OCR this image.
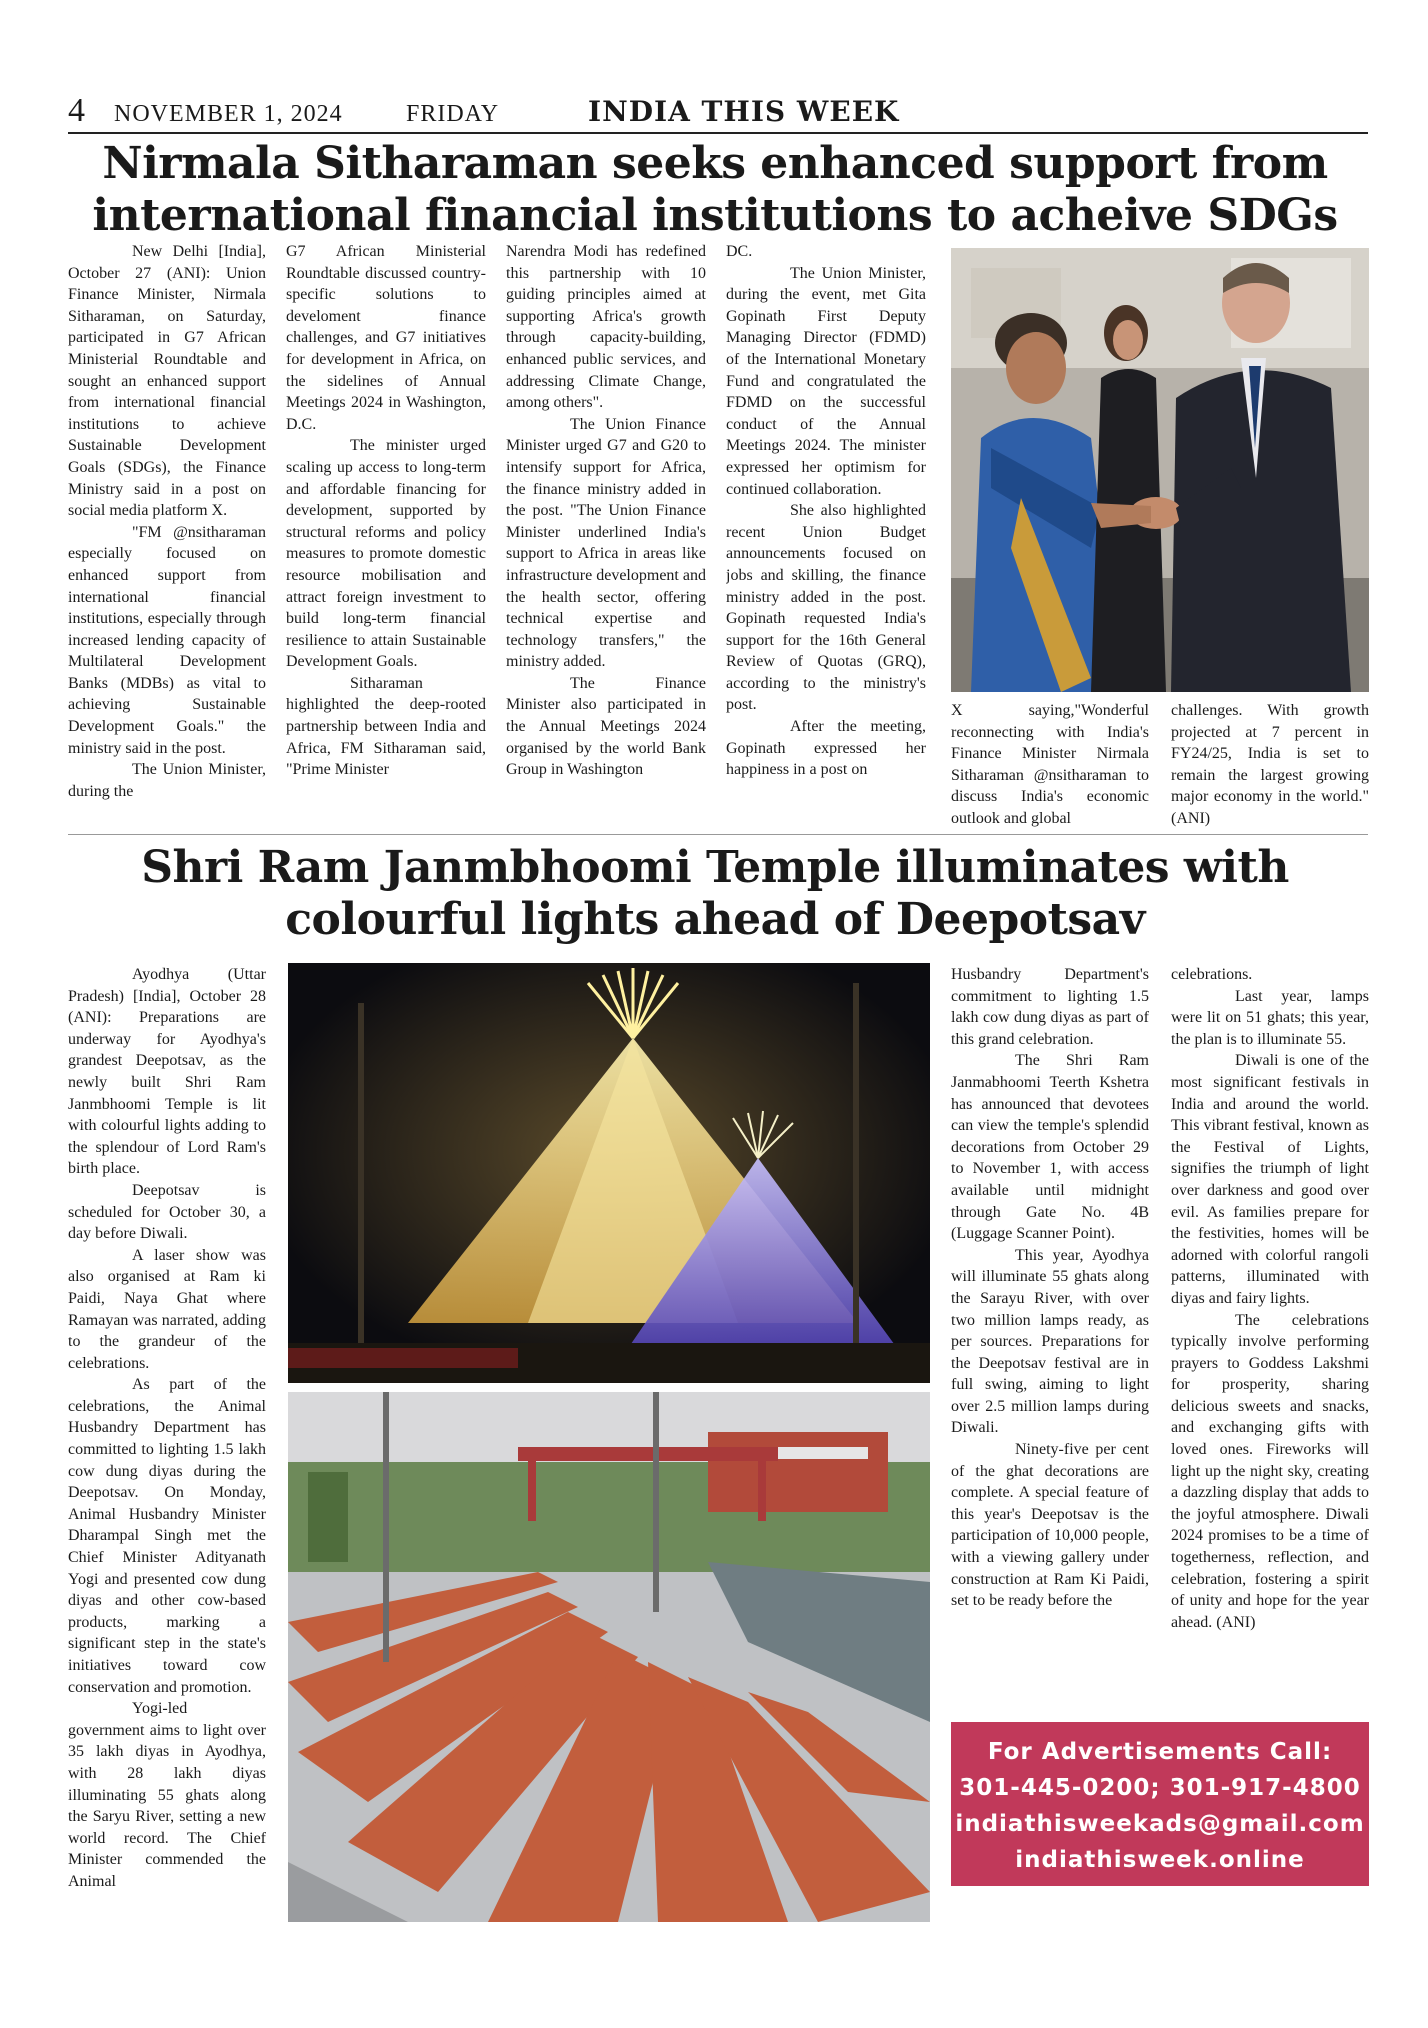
4 NOVEMBER 1, 2024	FRIDAY	INDIA THIS WEEK
Nirmala Sitharaman seeks enhanced support from international financial institutions to acheive SDGs

New Delhi [India], October 27 (ANI): Union Finance Minister, Nirmala Sitharaman, on Saturday, participated in G7 African Ministerial Roundtable and sought an enhanced support from international financial institutions to achieve Sustainable Development Goals (SDGs), the Finance Ministry said in a post on social media platform X.

"FM @nsitharaman especially focused on enhanced support from international financial institutions, especially through increased lending capacity of Multilateral Development Banks (MDBs) as vital to achieving Sustainable Development Goals." the ministry said in the post.

The Union Minister, during the

G7 African Ministerial Roundtable discussed country-specific solutions to develoment finance challenges, and G7 initiatives for development in Africa, on the sidelines of Annual Meetings 2024 in Washington, D.C.

The minister urged scaling up access to long-term and affordable financing for development, supported by structural reforms and policy measures to promote domestic resource mobilisation and attract foreign investment to build long-term financial resilience to attain Sustainable Development Goals.

Sitharaman highlighted the deep-rooted partnership between India and Africa, FM Sitharaman said, "Prime Minister

Narendra Modi has redefined this partnership with 10 guiding principles aimed at supporting Africa's growth through capacity-building, enhanced public services, and addressing Climate Change, among others".

The Union Finance Minister urged G7 and G20 to intensify support for Africa, the finance ministry added in the post. "The Union Finance Minister underlined India's support to Africa in areas like infrastructure development and the health sector, offering technical expertise and technology transfers," the ministry added.

The Finance Minister also participated in the Annual Meetings 2024 organised by the world Bank Group in Washington

DC.

The Union Minister, during the event, met Gita Gopinath First Deputy Managing Director (FDMD) of the International Monetary Fund and congratulated the FDMD on the successful conduct of the Annual Meetings 2024. The minister expressed her optimism for continued collaboration.

She also highlighted recent Union Budget announcements focused on jobs and skilling, the finance ministry added in the post. Gopinath requested India's support for the 16th General Review of Quotas (GRQ), according to the ministry's post.

After the meeting, Gopinath expressed her happiness in a post on

X saying,"Wonderful reconnecting with India's Finance Minister Nirmala Sitharaman @nsitharaman to discuss India's economic outlook and global

challenges. With growth projected at 7 percent in FY24/25, India is set to remain the largest growing major economy in the world." (ANI)

Shri Ram Janmbhoomi Temple illuminates with colourful lights ahead of Deepotsav

Ayodhya (Uttar Pradesh) [India], October 28 (ANI): Preparations are underway for Ayodhya's grandest Deepotsav, as the newly built Shri Ram Janmbhoomi Temple is lit with colourful lights adding to the splendour of Lord Ram's birth place.

Deepotsav is scheduled for October 30, a day before Diwali.

A laser show was also organised at Ram ki Paidi, Naya Ghat where Ramayan was narrated, adding to the grandeur of the celebrations.

As part of the celebrations, the Animal Husbandry Department has committed to lighting 1.5 lakh cow dung diyas during the Deepotsav. On Monday, Animal Husbandry Minister Dharampal Singh met the Chief Minister Adityanath Yogi and presented cow dung diyas and other cow-based products, marking a significant step in the state's initiatives toward cow conservation and promotion.

Yogi-led government aims to light over 35 lakh diyas in Ayodhya, with 28 lakh diyas illuminating 55 ghats along the Saryu River, setting a new world record. The Chief Minister commended the Animal

Husbandry Department's commitment to lighting 1.5 lakh cow dung diyas as part of this grand celebration.

The Shri Ram Janmabhoomi Teerth Kshetra has announced that devotees can view the temple's splendid decorations from October 29 to November 1, with access available until midnight through Gate No. 4B (Luggage Scanner Point).

This year, Ayodhya will illuminate 55 ghats along the Sarayu River, with over two million lamps ready, as per sources. Preparations for the Deepotsav festival are in full swing, aiming to light over 2.5 million lamps during Diwali.

Ninety-five per cent of the ghat decorations are complete. A special feature of this year's Deepotsav is the participation of 10,000 people, with a viewing gallery under construction at Ram Ki Paidi, set to be ready before the

celebrations.

Last year, lamps were lit on 51 ghats; this year, the plan is to illuminate 55.

Diwali is one of the most significant festivals in India and around the world. This vibrant festival, known as the Festival of Lights, signifies the triumph of light over darkness and good over evil. As families prepare for the festivities, homes will be adorned with colorful rangoli patterns, illuminated with diyas and fairy lights.

The celebrations typically involve performing prayers to Goddess Lakshmi for prosperity, sharing delicious sweets and snacks, and exchanging gifts with loved ones. Fireworks will light up the night sky, creating a dazzling display that adds to the joyful atmosphere. Diwali 2024 promises to be a time of togetherness, reflection, and celebration, fostering a spirit of unity and hope for the year ahead. (ANI)

For Advertisements Call:
301-445-0200; 301-917-4800
indiathisweekads@gmail.com
indiathisweek.online
